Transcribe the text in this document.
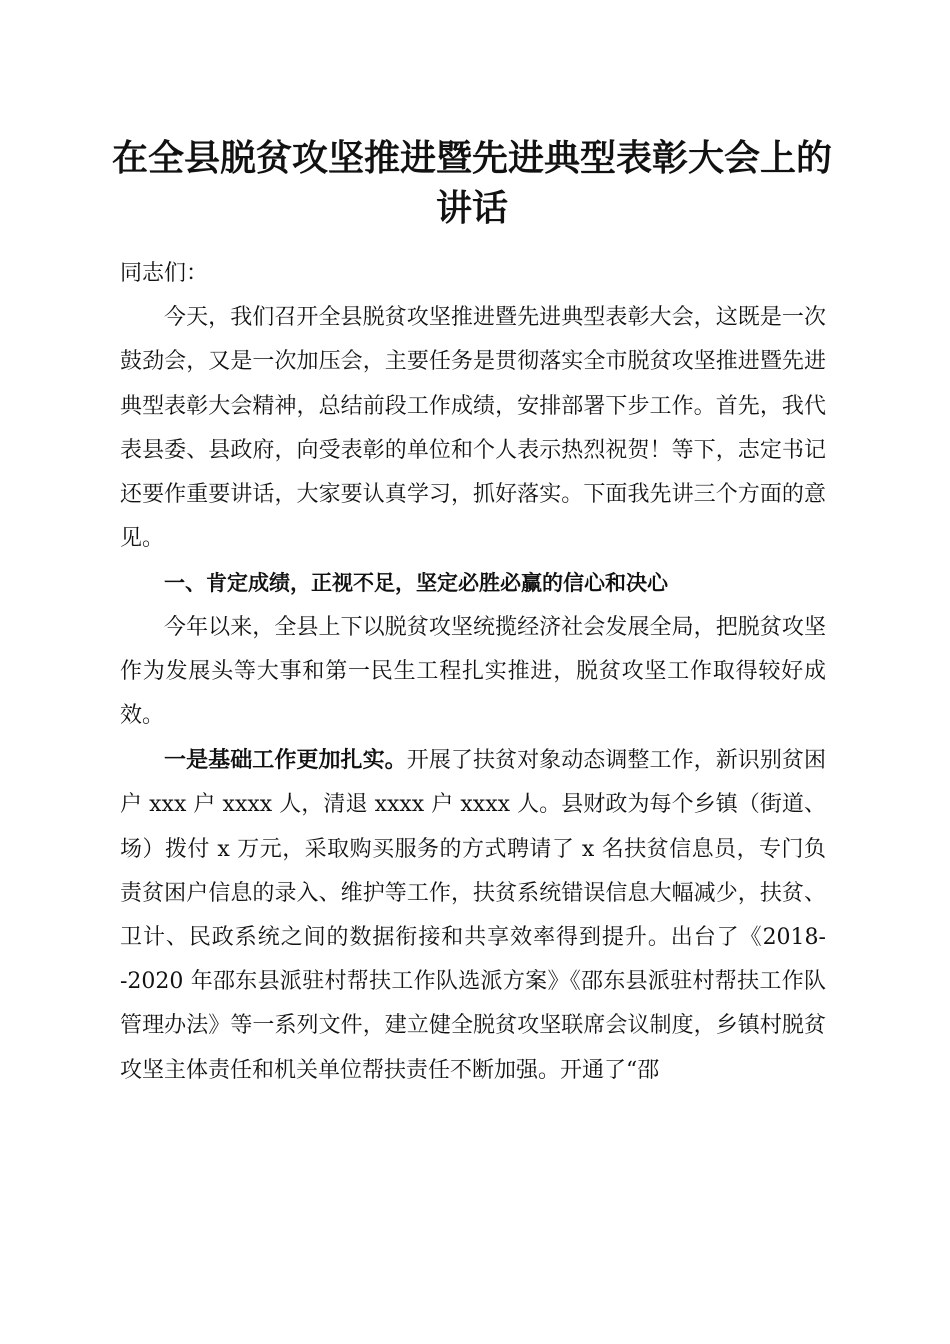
在全县脱贫攻坚推进暨先进典型表彰大会上的讲话

同志们：

今天，我们召开全县脱贫攻坚推进暨先进典型表彰大会，这既是一次鼓劲会，又是一次加压会，主要任务是贯彻落实全市脱贫攻坚推进暨先进典型表彰大会精神，总结前段工作成绩，安排部署下步工作。首先，我代表县委、县政府，向受表彰的单位和个人表示热烈祝贺！等下，志定书记还要作重要讲话，大家要认真学习，抓好落实。下面我先讲三个方面的意见。

一、肯定成绩，正视不足，坚定必胜必赢的信心和决心

今年以来，全县上下以脱贫攻坚统揽经济社会发展全局，把脱贫攻坚作为发展头等大事和第一民生工程扎实推进，脱贫攻坚工作取得较好成效。

一是基础工作更加扎实。开展了扶贫对象动态调整工作，新识别贫困户 xxx 户 xxxx 人，清退 xxxx 户 xxxx 人。县财政为每个乡镇（街道、场）拨付 x 万元，采取购买服务的方式聘请了 x 名扶贫信息员，专门负责贫困户信息的录入、维护等工作，扶贫系统错误信息大幅减少，扶贫、卫计、民政系统之间的数据衔接和共享效率得到提升。出台了《2018--2020 年邵东县派驻村帮扶工作队选派方案》《邵东县派驻村帮扶工作队管理办法》等一系列文件，建立健全脱贫攻坚联席会议制度，乡镇村脱贫攻坚主体责任和机关单位帮扶责任不断加强。开通了“邵
